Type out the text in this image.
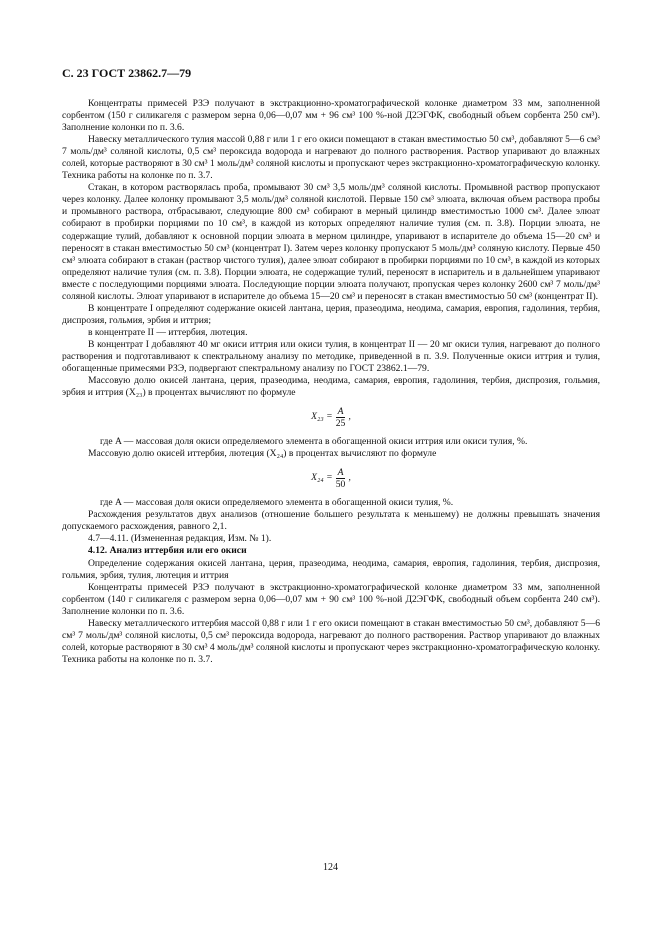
С. 23 ГОСТ 23862.7—79

Концентраты примесей РЗЭ получают в экстракционно-хроматографической колонке диаметром 33 мм, заполненной сорбентом (150 г силикагеля с размером зерна 0,06—0,07 мм + 96 см³ 100 %-ной Д2ЭГФК, свободный объем сорбента 250 см³). Заполнение колонки по п. 3.6.

Навеску металлического тулия массой 0,88 г или 1 г его окиси помещают в стакан вместимостью 50 см³, добавляют 5—6 см³ 7 моль/дм³ соляной кислоты, 0,5 см³ пероксида водорода и нагревают до полного растворения. Раствор упаривают до влажных солей, которые растворяют в 30 см³ 1 моль/дм³ соляной кислоты и пропускают через экстракционно-хроматографическую колонку. Техника работы на колонке по п. 3.7.

Стакан, в котором растворялась проба, промывают 30 см³ 3,5 моль/дм³ соляной кислоты. Промывной раствор пропускают через колонку. Далее колонку промывают 3,5 моль/дм³ соляной кислотой. Первые 150 см³ элюата, включая объем раствора пробы и промывного раствора, отбрасывают, следующие 800 см³ собирают в мерный цилиндр вместимостью 1000 см³. Далее элюат собирают в пробирки порциями по 10 см³, в каждой из которых определяют наличие тулия (см. п. 3.8). Порции элюата, не содержащие тулий, добавляют к основной порции элюата в мерном цилиндре, упаривают в испарителе до объема 15—20 см³ и переносят в стакан вместимостью 50 см³ (концентрат I). Затем через колонку пропускают 5 моль/дм³ соляную кислоту. Первые 450 см³ элюата собирают в стакан (раствор чистого тулия), далее элюат собирают в пробирки порциями по 10 см³, в каждой из которых определяют наличие тулия (см. п. 3.8). Порции элюата, не содержащие тулий, переносят в испаритель и в дальнейшем упаривают вместе с последующими порциями элюата. Последующие порции элюата получают, пропуская через колонку 2600 см³ 7 моль/дм³ соляной кислоты. Элюат упаривают в испарителе до объема 15—20 см³ и переносят в стакан вместимостью 50 см³ (концентрат II).

В концентрате I определяют содержание окисей лантана, церия, празеодима, неодима, самария, европия, гадолиния, тербия, диспрозия, гольмия, эрбия и иттрия;

в концентрате II — иттербия, лютеция.

В концентрат I добавляют 40 мг окиси иттрия или окиси тулия, в концентрат II — 20 мг окиси тулия, нагревают до полного растворения и подготавливают к спектральному анализу по методике, приведенной в п. 3.9. Полученные окиси иттрия и тулия, обогащенные примесями РЗЭ, подвергают спектральному анализу по ГОСТ 23862.1—79.

Массовую долю окисей лантана, церия, празеодима, неодима, самария, европия, гадолиния, тербия, диспрозия, гольмия, эрбия и иттрия (X₂₃) в процентах вычисляют по формуле

$X_{23} = \frac{A}{25}$ ,

где A — массовая доля окиси определяемого элемента в обогащенной окиси иттрия или окиси тулия, %.

Массовую долю окисей иттербия, лютеция (X₂₄) в процентах вычисляют по формуле

$X_{24} = \frac{A}{50}$ ,

где A — массовая доля окиси определяемого элемента в обогащенной окиси тулия, %.

Расхождения результатов двух анализов (отношение большего результата к меньшему) не должны превышать значения допускаемого расхождения, равного 2,1.

4.7—4.11. (Измененная редакция, Изм. № 1).

4.12. Анализ иттербия или его окиси

Определение содержания окисей лантана, церия, празеодима, неодима, самария, европия, гадолиния, тербия, диспрозия, гольмия, эрбия, тулия, лютеция и иттрия

Концентраты примесей РЗЭ получают в экстракционно-хроматографической колонке диаметром 33 мм, заполненной сорбентом (140 г силикагеля с размером зерна 0,06—0,07 мм + 90 см³ 100 %-ной Д2ЭГФК, свободный объем сорбента 240 см³). Заполнение колонки по п. 3.6.

Навеску металлического иттербия массой 0,88 г или 1 г его окиси помещают в стакан вместимостью 50 см³, добавляют 5—6 см³ 7 моль/дм³ соляной кислоты, 0,5 см³ пероксида водорода, нагревают до полного растворения. Раствор упаривают до влажных солей, которые растворяют в 30 см³ 4 моль/дм³ соляной кислоты и пропускают через экстракционно-хроматографическую колонку. Техника работы на колонке по п. 3.7.

124
